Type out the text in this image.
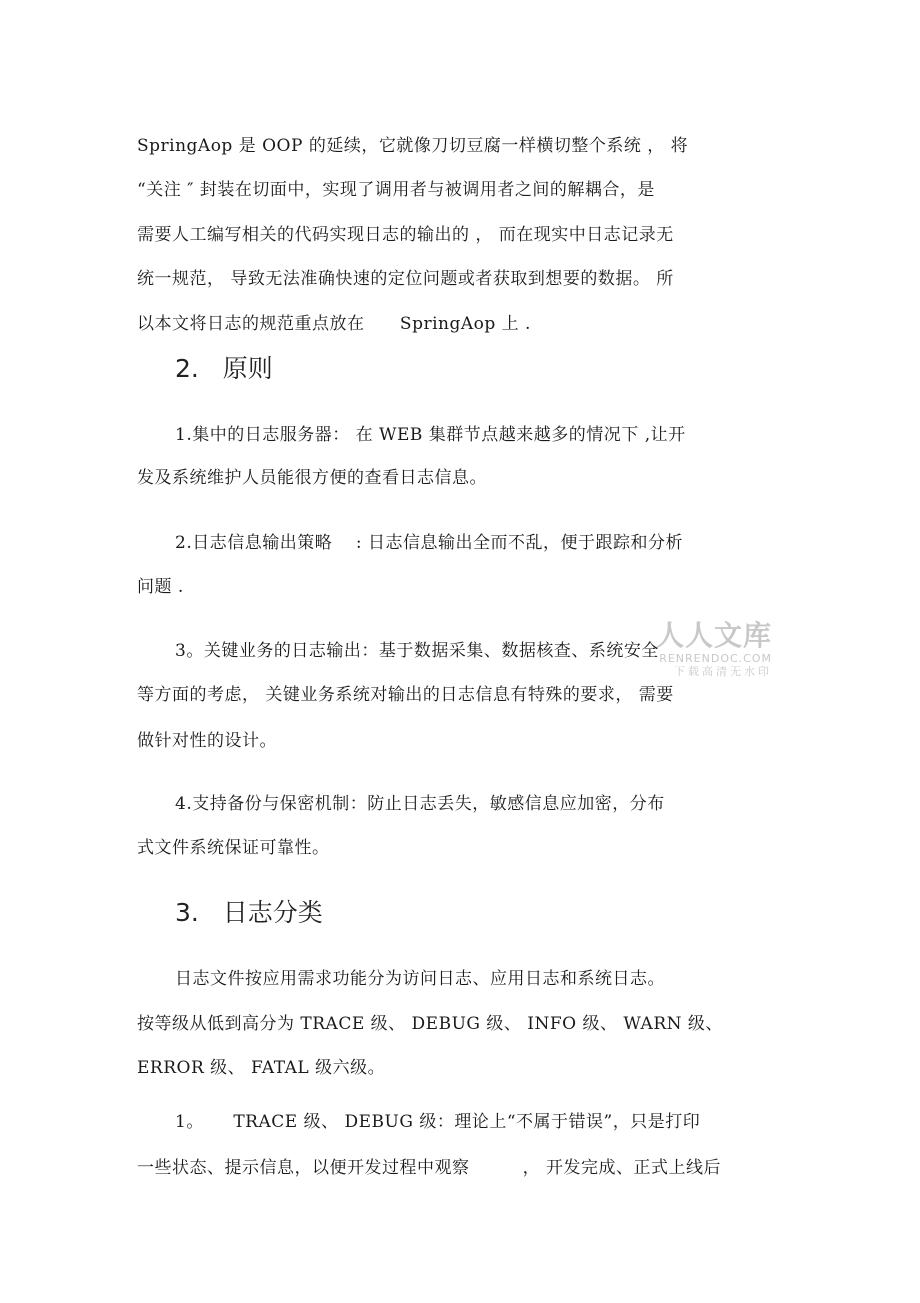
SpringAop 是 OOP 的延续，它就像刀切豆腐一样横切整个系统 ， 将
“关注 ″ 封装在切面中，实现了调用者与被调用者之间的解耦合，是
需要人工编写相关的代码实现日志的输出的 ， 而在现实中日志记录无
统一规范， 导致无法准确快速的定位问题或者获取到想要的数据。 所
以本文将日志的规范重点放在      SpringAop 上 .
2.   原则
1.集中的日志服务器： 在 WEB 集群节点越来越多的情况下 ,让开
发及系统维护人员能很方便的查看日志信息。
2.日志信息输出策略    : 日志信息输出全而不乱，便于跟踪和分析
问题 .
3。关键业务的日志输出：基于数据采集、数据核查、系统安全
等方面的考虑， 关键业务系统对输出的日志信息有特殊的要求， 需要
做针对性的设计。
4.支持备份与保密机制：防止日志丢失，敏感信息应加密，分布
式文件系统保证可靠性。
3.   日志分类
日志文件按应用需求功能分为访问日志、应用日志和系统日志。
按等级从低到高分为 TRACE 级、 DEBUG 级、 INFO 级、 WARN 级、
ERROR 级、 FATAL 级六级。
1。     TRACE 级、 DEBUG 级：理论上“不属于错误”，只是打印
一些状态、提示信息，以便开发过程中观察         ， 开发完成、正式上线后
人人文库
RENRENDOC.COM
下载高清无水印
